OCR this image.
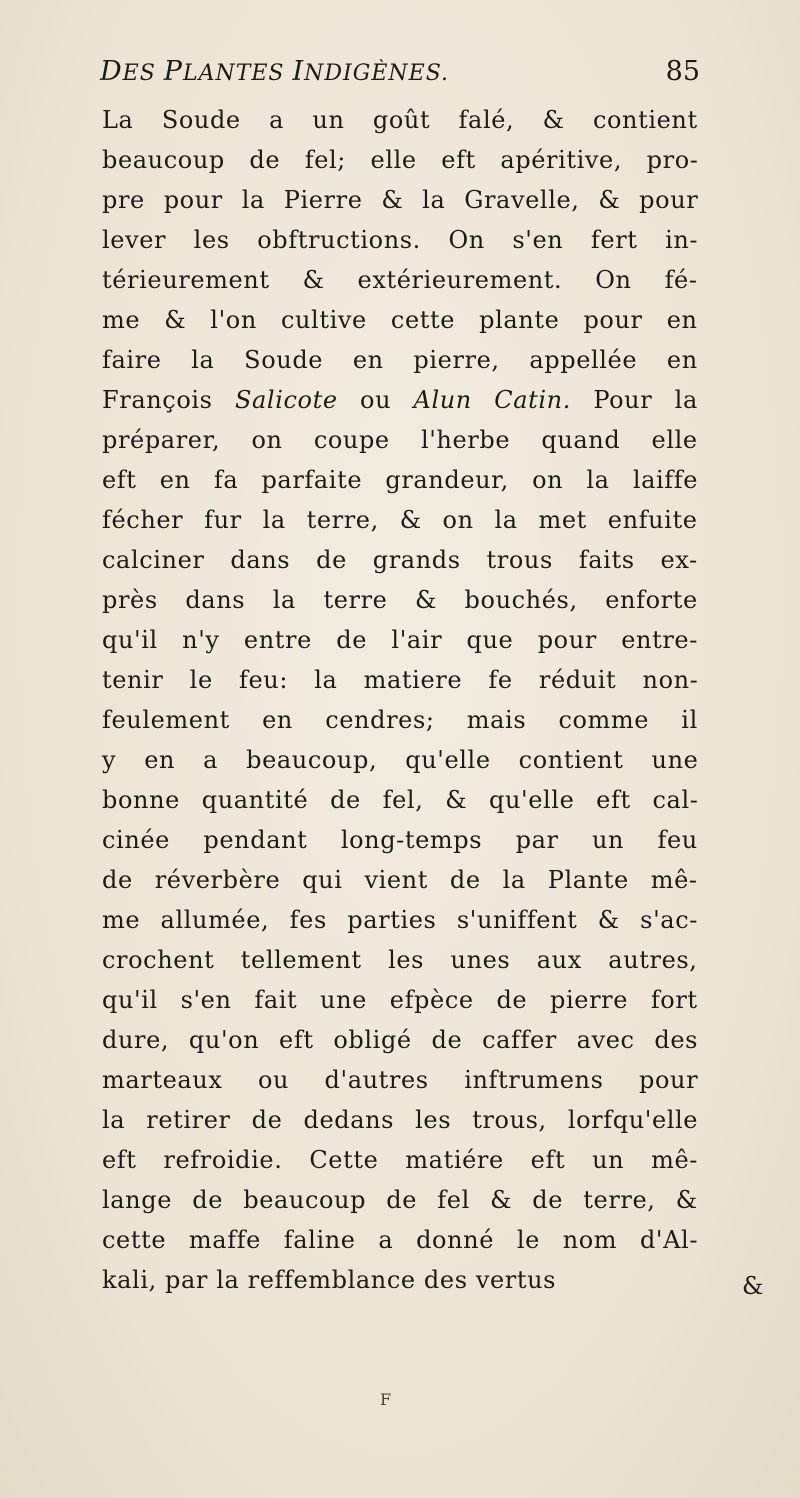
DES PLANTES INDIGÈNES.	85
La Soude a un goût falé, & contient
beaucoup de fel; elle eft apéritive, pro-
pre pour la Pierre & la Gravelle, & pour
lever les obftructions. On s'en fert in-
térieurement & extérieurement. On fé-
me & l'on cultive cette plante pour en
faire la Soude en pierre, appellée en
François Salicote ou Alun Catin. Pour la
préparer, on coupe l'herbe quand elle
eft en fa parfaite grandeur, on la laiffe
fécher fur la terre, & on la met enfuite
calciner dans de grands trous faits ex-
près dans la terre & bouchés, enforte
qu'il n'y entre de l'air que pour entre-
tenir le feu: la matiere fe réduit non-
feulement en cendres; mais comme il
y en a beaucoup, qu'elle contient une
bonne quantité de fel, & qu'elle eft cal-
cinée pendant long-temps par un feu
de réverbère qui vient de la Plante mê-
me allumée, fes parties s'uniffent & s'ac-
crochent tellement les unes aux autres,
qu'il s'en fait une efpèce de pierre fort
dure, qu'on eft obligé de caffer avec des
marteaux ou d'autres inftrumens pour
la retirer de dedans les trous, lorfqu'elle
eft refroidie. Cette matiére eft un mê-
lange de beaucoup de fel & de terre, &
cette maffe faline a donné le nom d'Al-
kali, par la reffemblance des vertus	&
F
